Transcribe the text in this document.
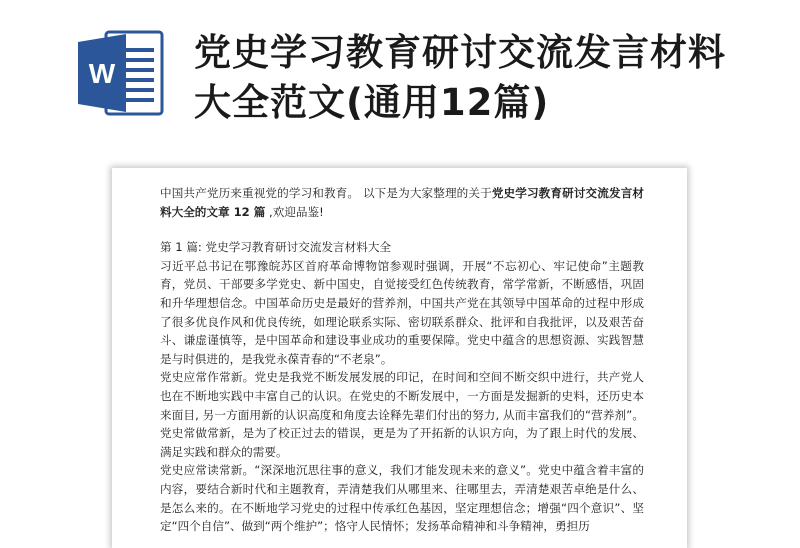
W 党史学习教育研讨交流发言材料
大全范文(通用12篇)

中国共产党历来重视党的学习和教育。 以下是为大家整理的关于党史学习教育研讨交流发言材料大全的文章 12 篇 ,欢迎品鉴!

第 1 篇: 党史学习教育研讨交流发言材料大全

习近平总书记在鄂豫皖苏区首府革命博物馆参观时强调，开展“不忘初心、牢记使命”主题教育，党员、干部要多学党史、新中国史，自觉接受红色传统教育，常学常新，不断感悟，巩固和升华理想信念。中国革命历史是最好的营养剂，中国共产党在其领导中国革命的过程中形成了很多优良作风和优良传统，如理论联系实际、密切联系群众、批评和自我批评，以及艰苦奋斗、谦虚谨慎等，是中国革命和建设事业成功的重要保障。党史中蕴含的思想资源、实践智慧是与时俱进的，是我党永葆青春的“不老泉”。

党史应常作常新。党史是我党不断发展发展的印记，在时间和空间不断交织中进行，共产党人也在不断地实践中丰富自己的认识。在党史的不断发展中，一方面是发掘新的史料，还历史本来面目, 另一方面用新的认识高度和角度去诠释先辈们付出的努力, 从而丰富我们的“营养剂”。党史常做常新，是为了校正过去的错误，更是为了开拓新的认识方向，为了跟上时代的发展、满足实践和群众的需要。

党史应常读常新。“深深地沉思往事的意义，我们才能发现未来的意义”。党史中蕴含着丰富的内容，要结合新时代和主题教育，弄清楚我们从哪里来、往哪里去，弄清楚艰苦卓绝是什么、是怎么来的。在不断地学习党史的过程中传承红色基因，坚定理想信念；增强“四个意识”、坚定“四个自信”、做到“两个维护”；恪守人民情怀；发扬革命精神和斗争精神，勇担历
